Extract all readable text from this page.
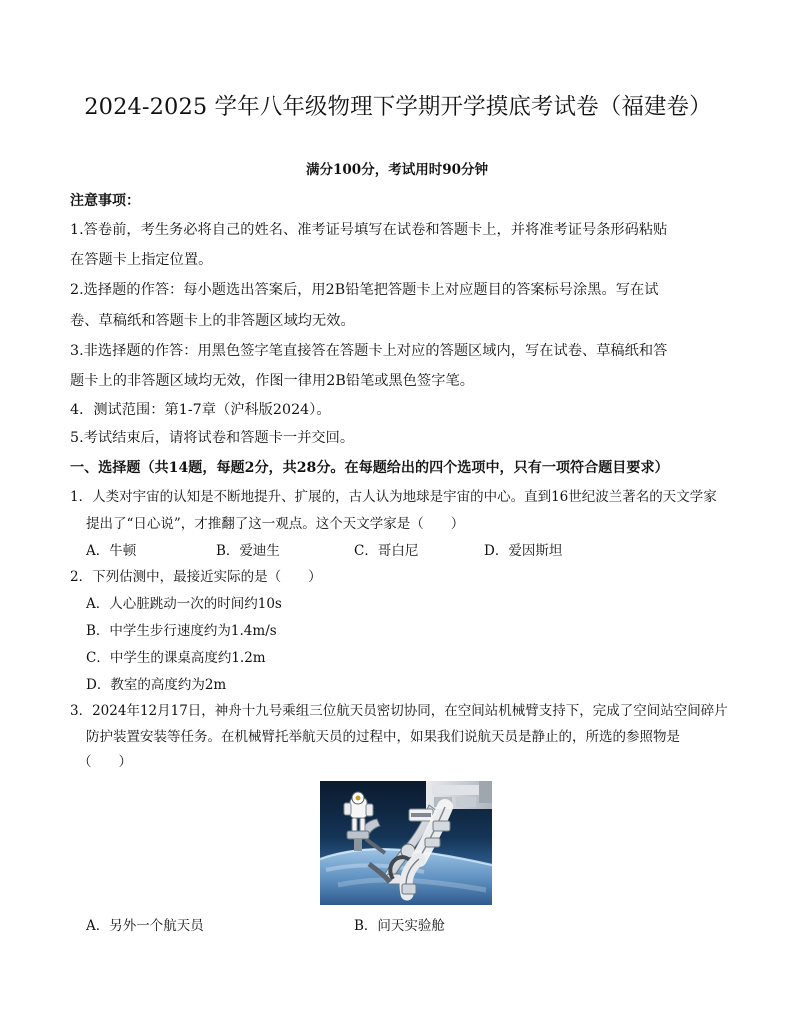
2024-2025 学年八年级物理下学期开学摸底考试卷（福建卷）
满分100分，考试用时90分钟
注意事项：
1.答卷前，考生务必将自己的姓名、准考证号填写在试卷和答题卡上，并将准考证号条形码粘贴
在答题卡上指定位置。
2.选择题的作答：每小题选出答案后，用2B铅笔把答题卡上对应题目的答案标号涂黑。写在试
卷、草稿纸和答题卡上的非答题区域均无效。
3.非选择题的作答：用黑色签字笔直接答在答题卡上对应的答题区域内，写在试卷、草稿纸和答
题卡上的非答题区域均无效，作图一律用2B铅笔或黑色签字笔。
4．测试范围：第1-7章（沪科版2024）。
5.考试结束后，请将试卷和答题卡一并交回。
一、选择题（共14题，每题2分，共28分。在每题给出的四个选项中，只有一项符合题目要求）
1．人类对宇宙的认知是不断地提升、扩展的，古人认为地球是宇宙的中心。直到16世纪波兰著名的天文学家
提出了“日心说”，才推翻了这一观点。这个天文学家是（　　）
A．牛顿	B．爱迪生	C．哥白尼	D．爱因斯坦
2．下列估测中，最接近实际的是（　　）
A．人心脏跳动一次的时间约10s
B．中学生步行速度约为1.4m/s
C．中学生的课桌高度约1.2m
D．教室的高度约为2m
3．2024年12月17日，神舟十九号乘组三位航天员密切协同，在空间站机械臂支持下，完成了空间站空间碎片
防护装置安装等任务。在机械臂托举航天员的过程中，如果我们说航天员是静止的，所选的参照物是
（　　）
A．另外一个航天员	B．问天实验舱
